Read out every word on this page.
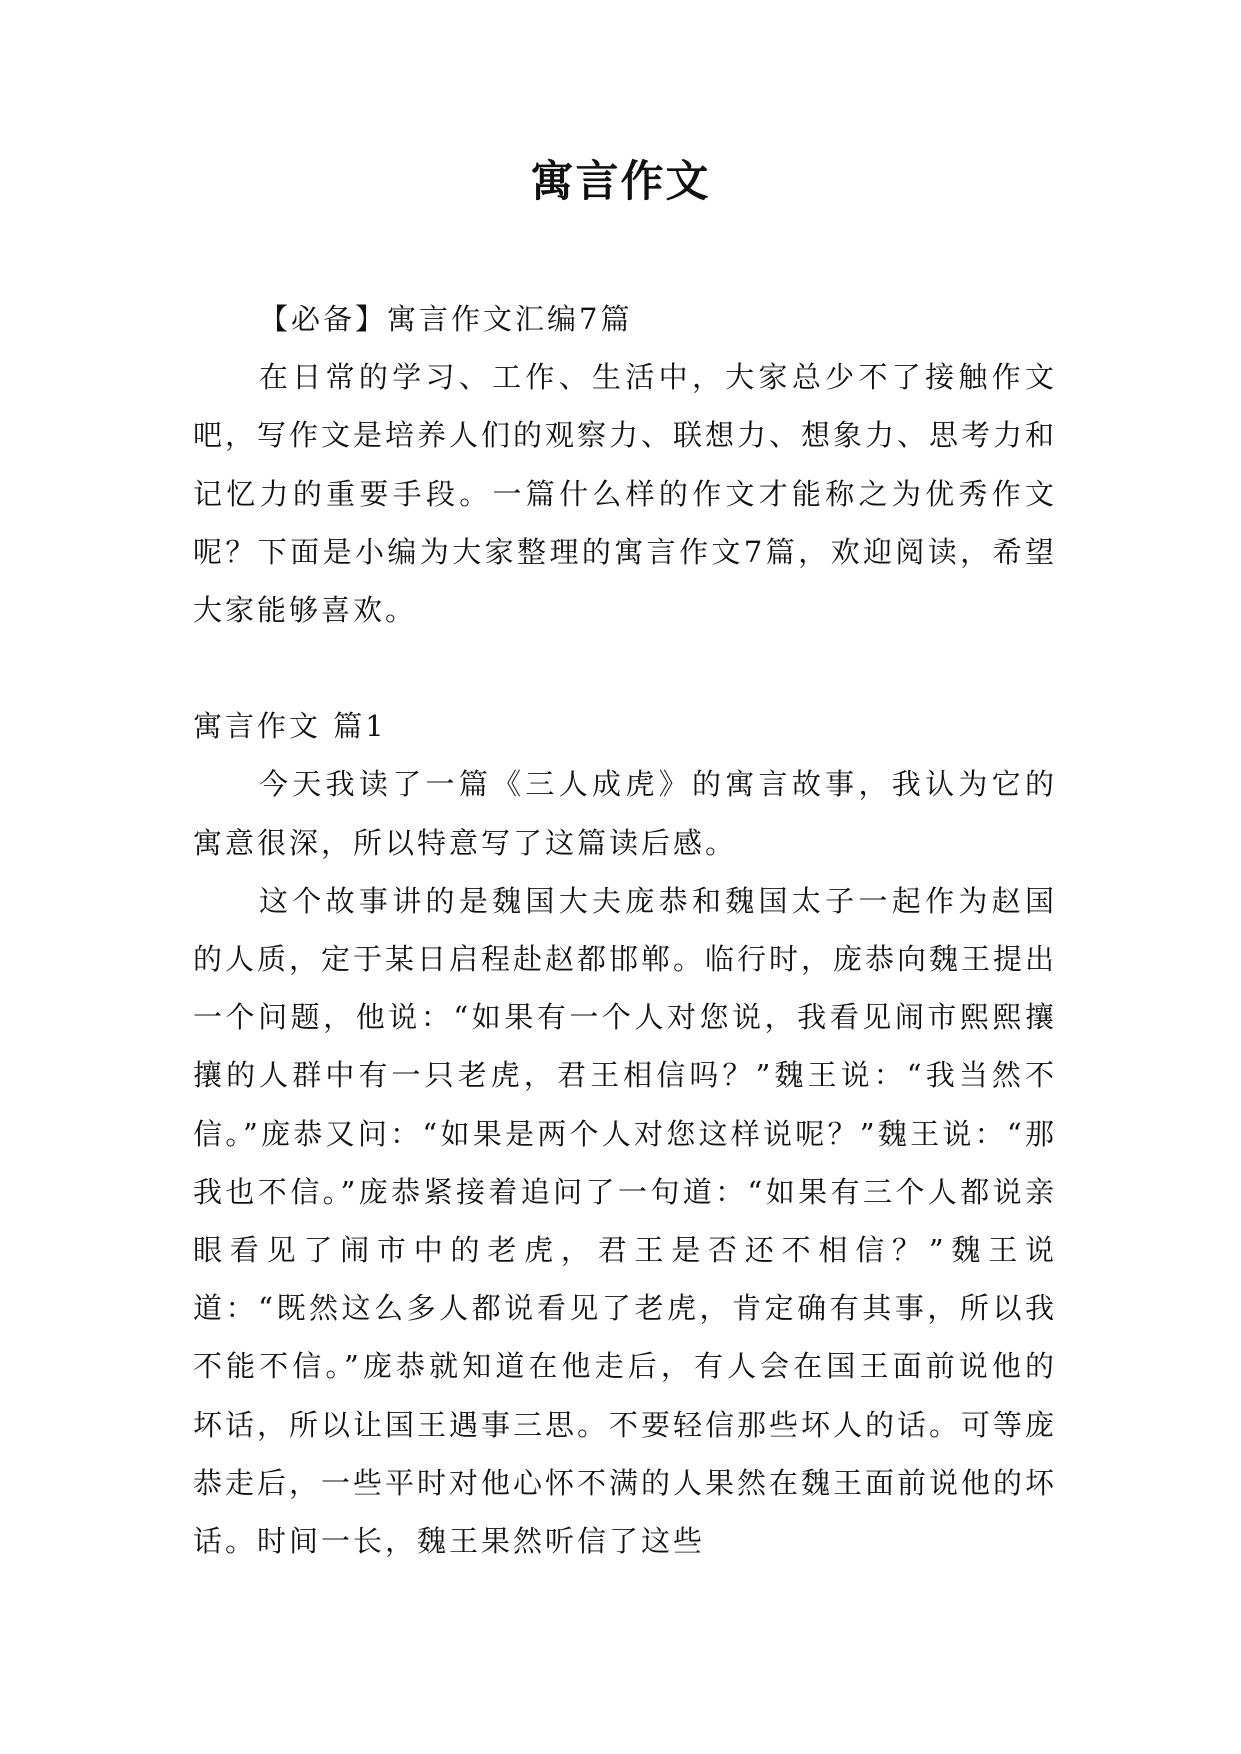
寓言作文

【必备】寓言作文汇编7篇

在日常的学习、工作、生活中，大家总少不了接触作文吧，写作文是培养人们的观察力、联想力、想象力、思考力和记忆力的重要手段。一篇什么样的作文才能称之为优秀作文呢？下面是小编为大家整理的寓言作文7篇，欢迎阅读，希望大家能够喜欢。

寓言作文 篇1

今天我读了一篇《三人成虎》的寓言故事，我认为它的寓意很深，所以特意写了这篇读后感。

这个故事讲的是魏国大夫庞恭和魏国太子一起作为赵国的人质，定于某日启程赴赵都邯郸。临行时，庞恭向魏王提出一个问题，他说：“如果有一个人对您说，我看见闹市熙熙攘攘的人群中有一只老虎，君王相信吗？”魏王说：“我当然不信。”庞恭又问：“如果是两个人对您这样说呢？”魏王说：“那我也不信。”庞恭紧接着追问了一句道：“如果有三个人都说亲眼看见了闹市中的老虎，君王是否还不相信？”魏王说道：“既然这么多人都说看见了老虎，肯定确有其事，所以我不能不信。”庞恭就知道在他走后，有人会在国王面前说他的坏话，所以让国王遇事三思。不要轻信那些坏人的话。可等庞恭走后，一些平时对他心怀不满的人果然在魏王面前说他的坏话。时间一长，魏王果然听信了这些
